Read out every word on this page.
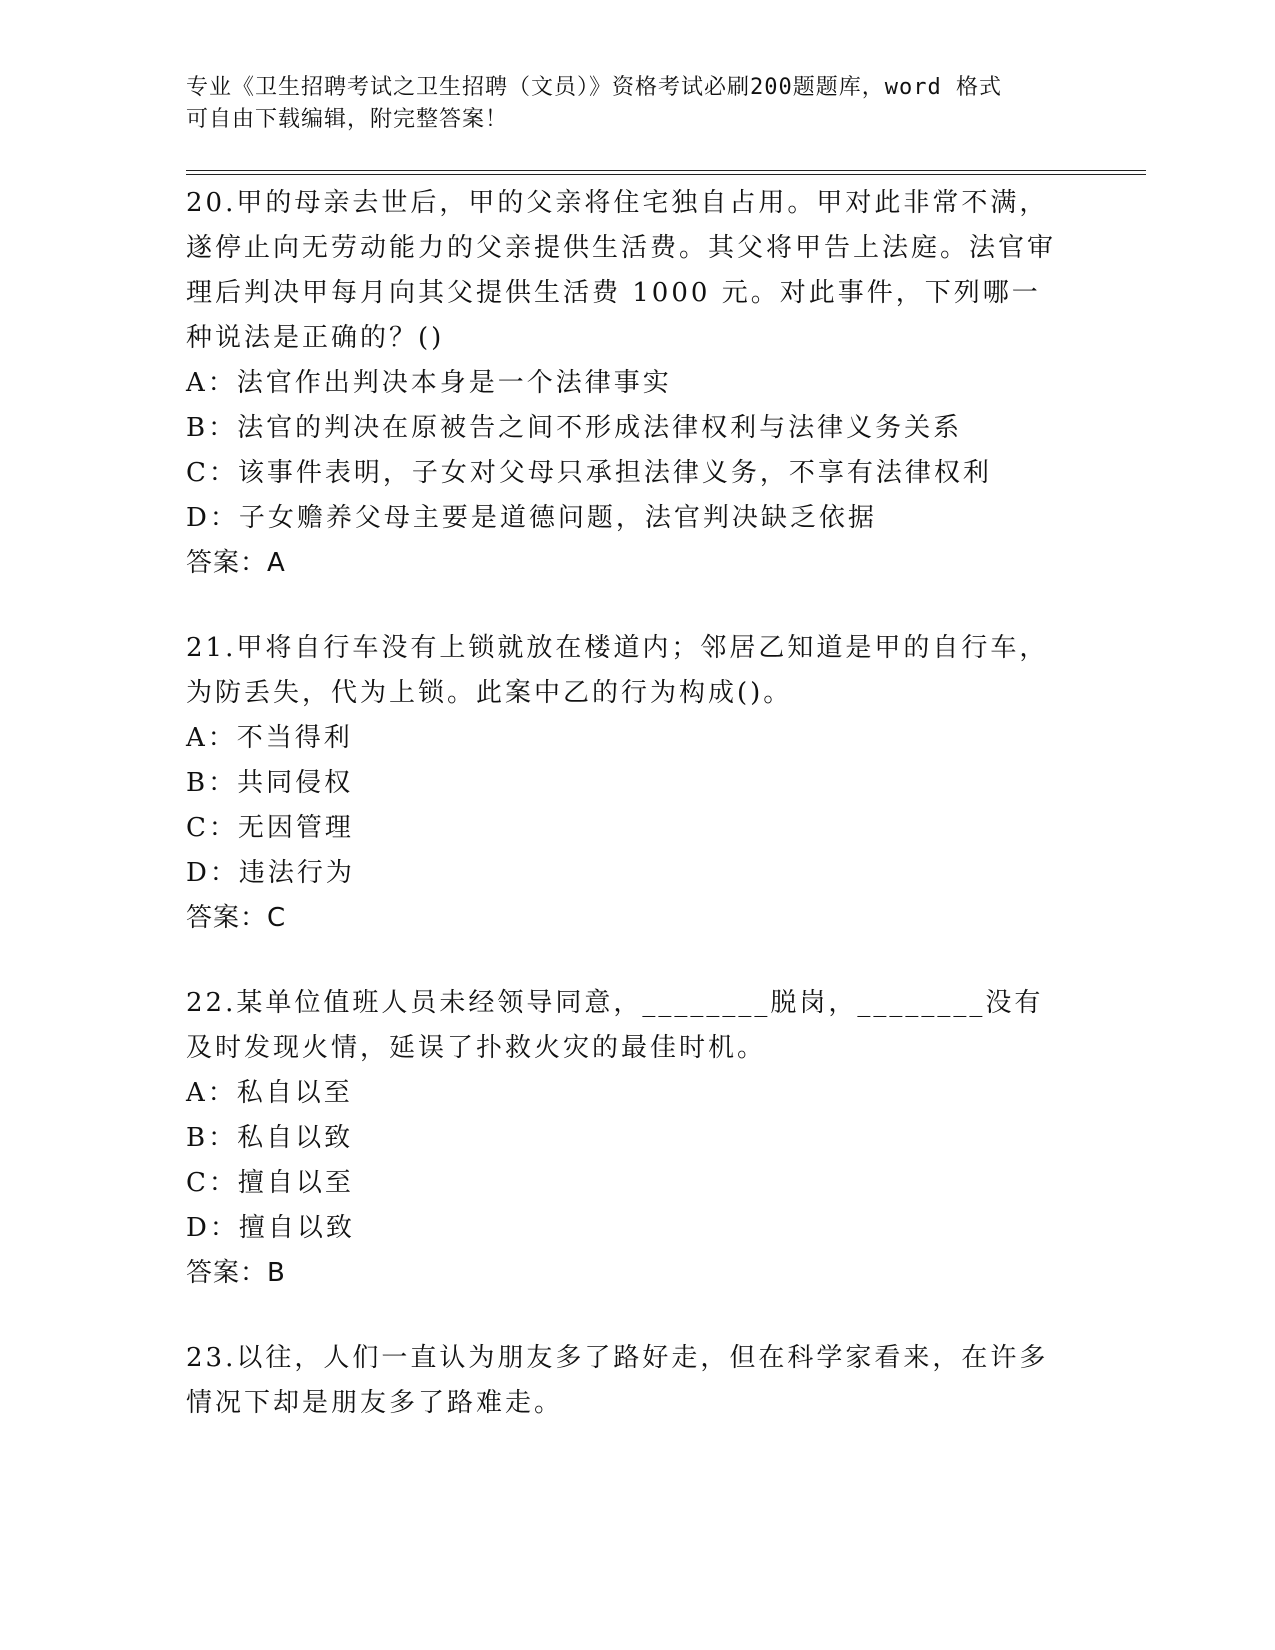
专业《卫生招聘考试之卫生招聘（文员）》资格考试必刷200题题库，word 格式
可自由下载编辑，附完整答案！
20.甲的母亲去世后，甲的父亲将住宅独自占用。甲对此非常不满，遂停止向无劳动能力的父亲提供生活费。其父将甲告上法庭。法官审理后判决甲每月向其父提供生活费 1000 元。对此事件，下列哪一种说法是正确的？()
A：法官作出判决本身是一个法律事实
B：法官的判决在原被告之间不形成法律权利与法律义务关系
C：该事件表明，子女对父母只承担法律义务，不享有法律权利
D：子女赡养父母主要是道德问题，法官判决缺乏依据
答案：A
21.甲将自行车没有上锁就放在楼道内；邻居乙知道是甲的自行车，为防丢失，代为上锁。此案中乙的行为构成()。
A：不当得利
B：共同侵权
C：无因管理
D：违法行为
答案：C
22.某单位值班人员未经领导同意，________脱岗，________没有及时发现火情，延误了扑救火灾的最佳时机。
A：私自以至
B：私自以致
C：擅自以至
D：擅自以致
答案：B
23.以往，人们一直认为朋友多了路好走，但在科学家看来，在许多情况下却是朋友多了路难走。
